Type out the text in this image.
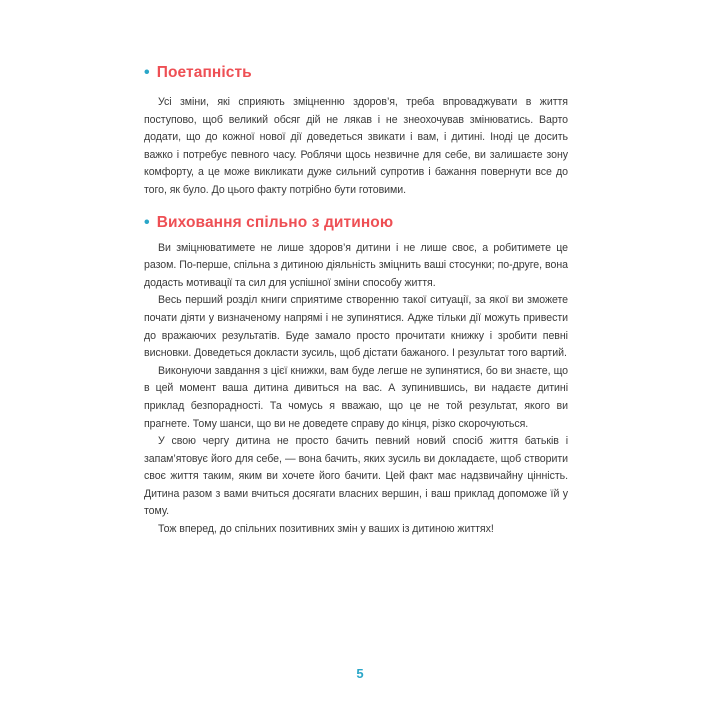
• Поетапність

Усі зміни, які сприяють зміцненню здоров’я, треба впроваджувати в життя поступово, щоб великий обсяг дій не лякав і не знеохочував змінюватись. Варто додати, що до кожної нової дії доведеться звикати і вам, і дитині. Іноді це досить важко і потребує певного часу. Роблячи щось незвичне для себе, ви залишаєте зону комфорту, а це може викликати дуже сильний супротив і бажання повернути все до того, як було. До цього факту потрібно бути готовими.

• Виховання спільно з дитиною

Ви зміцнюватимете не лише здоров’я дитини і не лише своє, а робитимете це разом. По-перше, спільна з дитиною діяльність зміцнить ваші стосунки; по-друге, вона додасть мотивації та сил для успішної зміни способу життя.

Весь перший розділ книги сприятиме створенню такої ситуації, за якої ви зможете почати діяти у визначеному напрямі і не зупинятися. Адже тільки дії можуть привести до вражаючих результатів. Буде замало просто прочитати книжку і зробити певні висновки. Доведеться докласти зусиль, щоб дістати бажаного. І результат того вартий.

Виконуючи завдання з цієї книжки, вам буде легше не зупинятися, бо ви знаєте, що в цей момент ваша дитина дивиться на вас. А зупинившись, ви надаєте дитині приклад безпорадності. Та чомусь я вважаю, що це не той результат, якого ви прагнете. Тому шанси, що ви не доведете справу до кінця, різко скорочуються.

У свою чергу дитина не просто бачить певний новий спосіб життя батьків і запам’ятовує його для себе, — вона бачить, яких зусиль ви докладаєте, щоб створити своє життя таким, яким ви хочете його бачити. Цей факт має надзвичайну цінність. Дитина разом з вами вчиться досягати власних вершин, і ваш приклад допоможе їй у тому.

Тож вперед, до спільних позитивних змін у ваших із дитиною життях!

5
